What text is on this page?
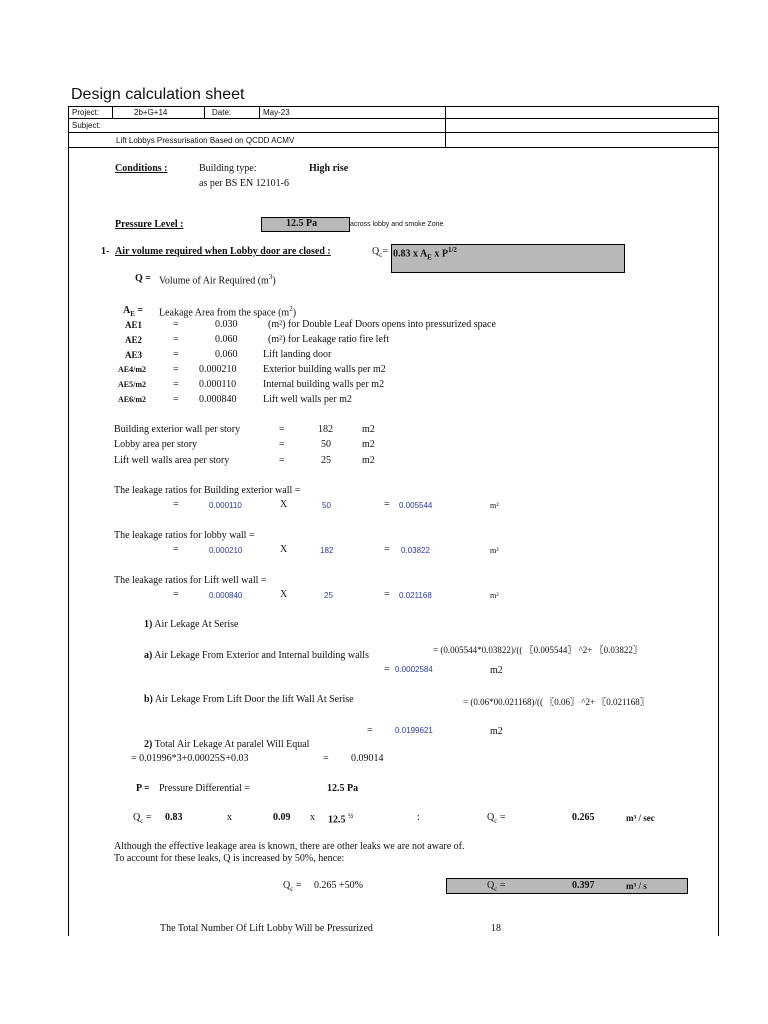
Design calculation sheet
Project:	2b+G+14	Date:	May-23
Subject:
Lift Lobbys Pressurisation Based on QCDD ACMV
Conditions :	Building type:	High rise
as per BS EN 12101-6
Pressure Level :	12.5 Pa	across lobby and smoke Zone
1- Air volume required when Lobby door are closed :	$Q_c= 0.83$ x $A_E$ x $P^{1/2}$
Q = Volume of Air Required $(m^3)$
$A_E$ = Leakage Area from the space $(m^2)$
AE1	=	0.030	(m²) for Double Leaf Doors opens into pressurized space
AE2	=	0.060	(m²) for Leakage ratio fire left
AE3	=	0.060	Lift landing door
AE4/m2	= 0.000210	Exterior building walls per m2
AE5/m2	= 0.000110	Internal building walls per m2
AE6/m2	= 0.000840	Lift well walls per m2
Building exterior wall per story	=	182	m2
Lobby area per story	=	50	m2
Lift well walls area per story	=	25	m2
The leakage ratios for Building exterior wall =
=	0.000110	X	50	= 0.005544	m²
The leakage ratios for lobby wall =
=	0.000210	X	182	= 0.03822	m²
The leakage ratios for Lift well wall =
=	0.000840	X	25	= 0.021168	m²
1) Air Lekage At Serise
= (0.005544*0.03822)/(( 〖0.005544〗 ^2+ 〖0.03822〗
a) Air Lekage From Exterior and Internal building walls
= 0.0002584	m2
b) Air Lekage From Lift Door the lift Wall At Serise	= (0.06*00.021168)/(( 〖0.06〗 ^2+ 〖0.021168〗
=	0.0199621	m2
2) Total Air Lekage At paralel Will Equal
= 0.01996*3+0.00025S+0.03	= 0.09014
P = Pressure Differential =	12.5 Pa
$Q_c = 0.83$	x	0.09 x 12.5 $^{\frac{1}{2}}$	:	$Q_c$ =	0.265	m³ / sec
Although the effective leakage area is known, there are other leaks we are not aware of.
To account for these leaks, Q is increased by 50%, hence:
$Q_c = 0.265 +50\%$	$Q_c$ =	0.397	m³ / s
The Total Number Of Lift Lobby Will be Pressurized	18
